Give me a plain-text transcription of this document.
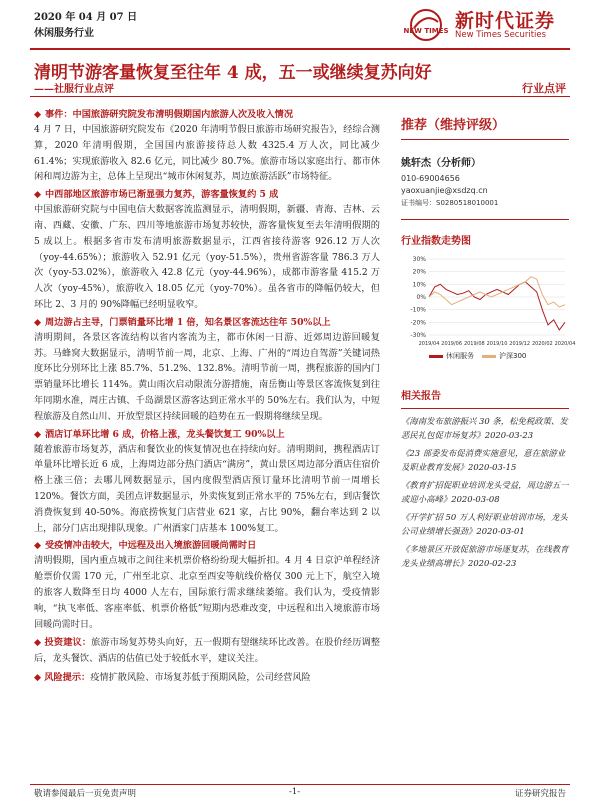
2020 年 04 月 07 日
休闲服务行业	NEW TIMES 新时代证券
New Times Securities
清明节游客量恢复至往年 4 成，五一或继续复苏向好
——社服行业点评	行业点评
◆ 事件：中国旅游研究院发布清明假期国内旅游人次及收入情况

4 月 7 日，中国旅游研究院发布《2020 年清明节假日旅游市场研究报告》，经综合测算，2020 年清明假期，全国国内旅游接待总人数 4325.4 万人次，同比减少 61.4%；实现旅游收入 82.6 亿元，同比减少 80.7%。旅游市场以家庭出行、都市休闲和周边游为主，总体上呈现出“城市休闲复苏，周边旅游活跃”市场特征。

◆ 中西部地区旅游市场已渐显强力复苏，游客量恢复约 5 成

中国旅游研究院与中国电信大数据客流监测显示，清明假期，新疆、青海、吉林、云南、西藏、安徽、广东、四川等地旅游市场复苏较快，游客量恢复至去年清明假期的 5 成以上。根据多省市发布清明旅游数据显示，江西省接待游客 926.12 万人次（yoy-44.65%）；旅游收入 52.91 亿元（yoy-51.5%），贵州省游客量 786.3 万人次（yoy-53.02%），旅游收入 42.8 亿元（yoy-44.96%），成都市游客量 415.2 万人次（yoy-45%），旅游收入 18.05 亿元（yoy-70%）。虽各省市的降幅仍较大，但环比 2、3 月的 90%降幅已经明显收窄。

◆ 周边游占主导，门票销量环比增 1 倍，知名景区客流达往年 50%以上

清明期间，各景区客流结构以省内客流为主，都市休闲一日游、近郊周边游回暖复苏。马蜂窝大数据显示，清明节前一周，北京、上海、广州的“周边自驾游”关键词热度环比分别环比上涨 85.7%、51.2%、132.8%。清明节前一周，携程旅游的国内门票销量环比增长 114%。黄山雨次启动限流分游措施，南岳衡山等景区客流恢复到往年同期水准，周庄古镇、千岛湖景区游客达到正常水平的 50%左右。我们认为，中短程旅游及自然山川、开放型景区持续回暖的趋势在五一假期将继续呈现。

◆ 酒店订单环比增 6 成，价格上涨，龙头餐饮复工 90%以上

随着旅游市场复苏，酒店和餐饮业的恢复情况也在持续向好。清明期间，携程酒店订单量环比增长近 6 成，上海周边部分热门酒店“满房”，黄山景区周边部分酒店住宿价格上涨三倍；去哪儿网数据显示，国内度假型酒店预订量环比清明节前一周增长 120%。餐饮方面，美团点评数据显示，外卖恢复到正常水平的 75%左右，到店餐饮消费恢复到 40-50%。海底捞恢复门店营业 621 家，占比 90%，翻台率达到 2 以上，部分门店出现排队现象。广州酒家门店基本 100%复工。

◆ 受疫情冲击较大，中远程及出入境旅游回暖尚需时日

清明假期，国内重点城市之间往来机票价格纷纷现大幅折扣。4 月 4 日京沪单程经济舱票价仅需 170 元，广州至北京、北京至西安等航线价格仅 300 元上下，航空入境的旅客人数降至日均 4000 人左右，国际旅行需求继续萎缩。我们认为，受疫情影响，“执飞率低、客座率低、机票价格低”短期内恐难改变，中远程和出入境旅游市场回暖尚需时日。

◆ 投资建议：旅游市场复苏势头向好，五一假期有望继续环比改善。在股价经历调整后，龙头餐饮、酒店的估值已处于较低水平，建议关注。

◆ 风险提示：疫情扩散风险、市场复苏低于预期风险，公司经营风险

推荐（维持评级）
姚轩杰（分析师）
010-69004656
yaoxuanjie@xsdzq.cn
证书编号：S0280518010001
行业指数走势图
30%
20%
10%
0%
-10%
-20%
-30%
2019/04 2019/06 2019/08 2019/10 2019/12 2020/02 2020/04
休闲服务	沪深300
相关报告
《海南发布旅游振兴 30 条，松免税政策、发恶民礼包促市场复苏》2020-03-23
《23 部委发布促消费实施意见，意在旅游业及职业教育发展》2020-03-15
《教育扩招促职业培训龙头受益，周边游五一或迎小高峰》2020-03-08
《开学扩招 50 万人利好职业培训市场，龙头公司业绩增长强劲》2020-03-01
《多地景区开放促旅游市场逐复苏，在线教育龙头业绩高增长》2020-02-23
敬请参阅最后一页免责声明	-1-	证券研究报告
